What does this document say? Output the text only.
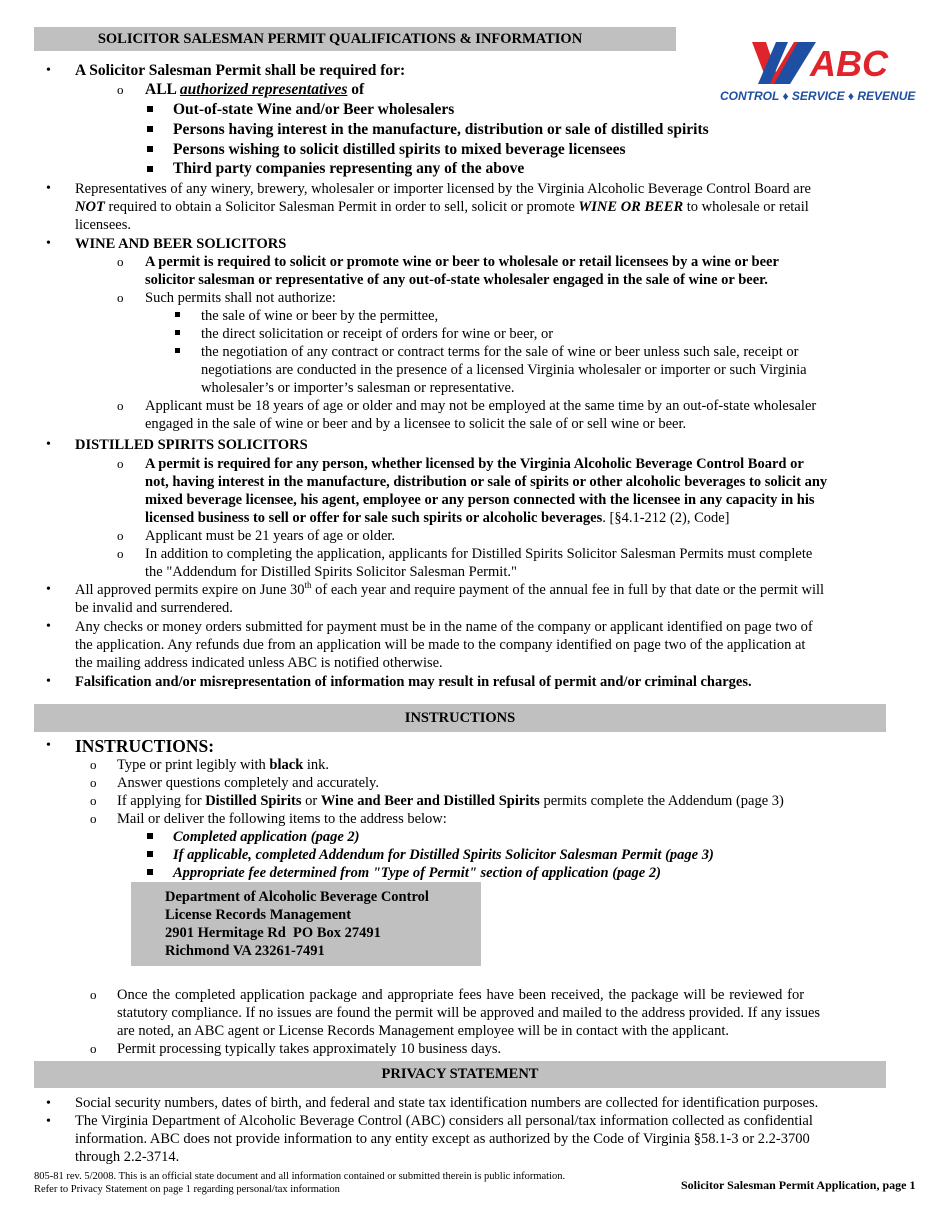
SOLICITOR SALESMAN PERMIT QUALIFICATIONS & INFORMATION
ABC
CONTROL ♦ SERVICE ♦ REVENUE
• A Solicitor Salesman Permit shall be required for:
o ALL authorized representatives of
Out-of-state Wine and/or Beer wholesalers
Persons having interest in the manufacture, distribution or sale of distilled spirits
Persons wishing to solicit distilled spirits to mixed beverage licensees
Third party companies representing any of the above
• Representatives of any winery, brewery, wholesaler or importer licensed by the Virginia Alcoholic Beverage Control Board are
NOT required to obtain a Solicitor Salesman Permit in order to sell, solicit or promote WINE OR BEER to wholesale or retail
licensees.
• WINE AND BEER SOLICITORS
o A permit is required to solicit or promote wine or beer to wholesale or retail licensees by a wine or beer
solicitor salesman or representative of any out-of-state wholesaler engaged in the sale of wine or beer.
o Such permits shall not authorize:
the sale of wine or beer by the permittee,
the direct solicitation or receipt of orders for wine or beer, or
the negotiation of any contract or contract terms for the sale of wine or beer unless such sale, receipt or
negotiations are conducted in the presence of a licensed Virginia wholesaler or importer or such Virginia
wholesaler’s or importer’s salesman or representative.
o Applicant must be 18 years of age or older and may not be employed at the same time by an out-of-state wholesaler
engaged in the sale of wine or beer and by a licensee to solicit the sale of or sell wine or beer.
• DISTILLED SPIRITS SOLICITORS
o A permit is required for any person, whether licensed by the Virginia Alcoholic Beverage Control Board or
not, having interest in the manufacture, distribution or sale of spirits or other alcoholic beverages to solicit any
mixed beverage licensee, his agent, employee or any person connected with the licensee in any capacity in his
licensed business to sell or offer for sale such spirits or alcoholic beverages. [§4.1-212 (2), Code]
o Applicant must be 21 years of age or older.
o In addition to completing the application, applicants for Distilled Spirits Solicitor Salesman Permits must complete
the "Addendum for Distilled Spirits Solicitor Salesman Permit."
• All approved permits expire on June 30th of each year and require payment of the annual fee in full by that date or the permit will
be invalid and surrendered.
• Any checks or money orders submitted for payment must be in the name of the company or applicant identified on page two of
the application. Any refunds due from an application will be made to the company identified on page two of the application at
the mailing address indicated unless ABC is notified otherwise.
• Falsification and/or misrepresentation of information may result in refusal of permit and/or criminal charges.
INSTRUCTIONS
• INSTRUCTIONS:
o Type or print legibly with black ink.
o Answer questions completely and accurately.
o If applying for Distilled Spirits or Wine and Beer and Distilled Spirits permits complete the Addendum (page 3)
o Mail or deliver the following items to the address below:
Completed application (page 2)
If applicable, completed Addendum for Distilled Spirits Solicitor Salesman Permit (page 3)
Appropriate fee determined from "Type of Permit" section of application (page 2)
Department of Alcoholic Beverage Control
License Records Management
2901 Hermitage Rd  PO Box 27491
Richmond VA 23261-7491
o Once the completed application package and appropriate fees have been received, the package will be reviewed for
statutory compliance. If no issues are found the permit will be approved and mailed to the address provided. If any issues
are noted, an ABC agent or License Records Management employee will be in contact with the applicant.
o Permit processing typically takes approximately 10 business days.
PRIVACY STATEMENT
• Social security numbers, dates of birth, and federal and state tax identification numbers are collected for identification purposes.
• The Virginia Department of Alcoholic Beverage Control (ABC) considers all personal/tax information collected as confidential
information. ABC does not provide information to any entity except as authorized by the Code of Virginia §58.1-3 or 2.2-3700
through 2.2-3714.
805-81 rev. 5/2008. This is an official state document and all information contained or submitted therein is public information.
Refer to Privacy Statement on page 1 regarding personal/tax information	Solicitor Salesman Permit Application, page 1
